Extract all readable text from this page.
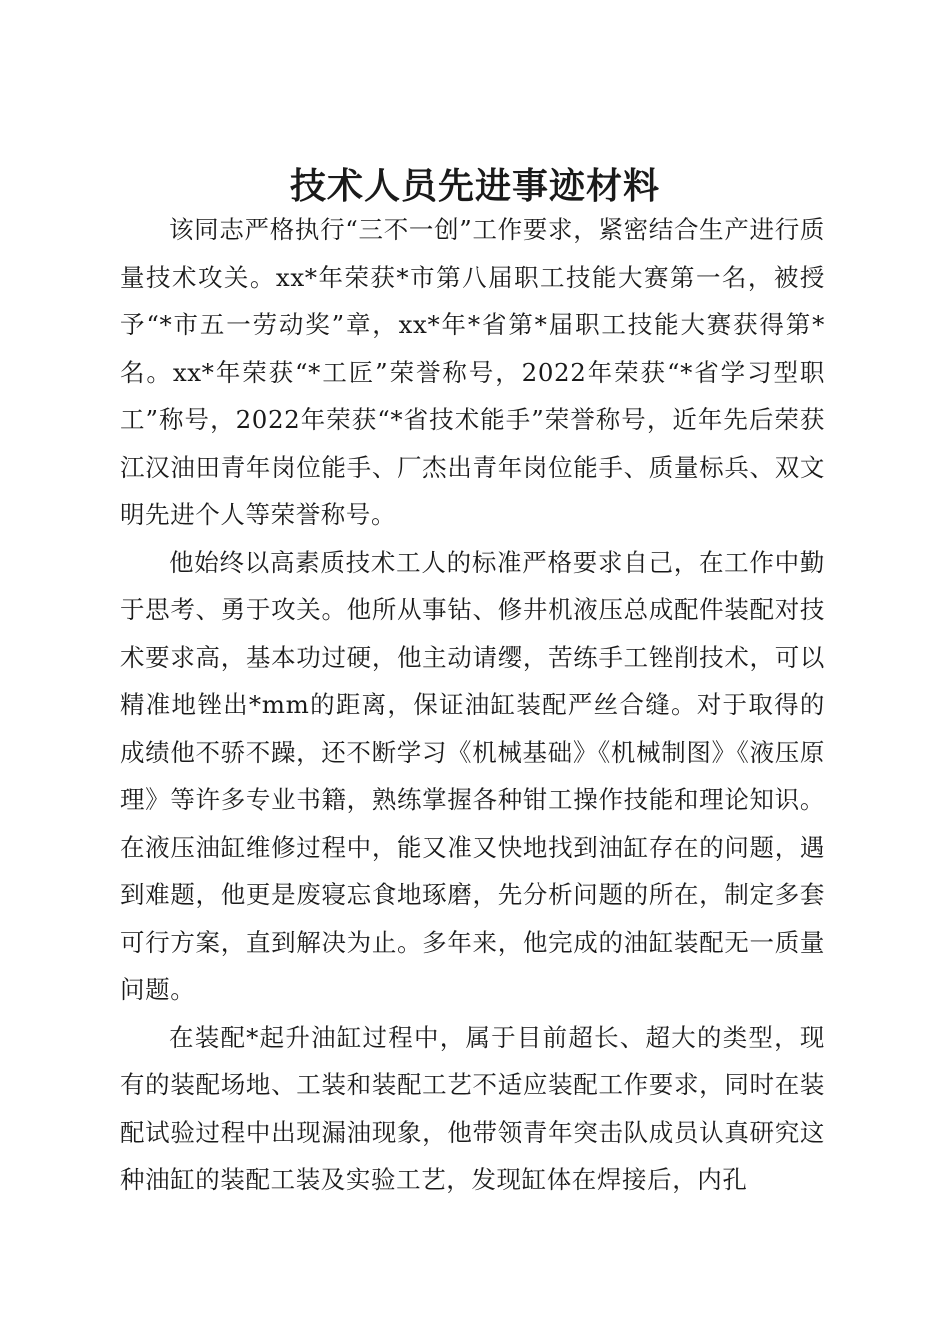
技术人员先进事迹材料

该同志严格执行“三不一创”工作要求，紧密结合生产进行质量技术攻关。xx*年荣获*市第八届职工技能大赛第一名，被授予“*市五一劳动奖”章，xx*年*省第*届职工技能大赛获得第*名。xx*年荣获“*工匠”荣誉称号，2022年荣获“*省学习型职工”称号，2022年荣获“*省技术能手”荣誉称号，近年先后荣获江汉油田青年岗位能手、厂杰出青年岗位能手、质量标兵、双文明先进个人等荣誉称号。

他始终以高素质技术工人的标准严格要求自己，在工作中勤于思考、勇于攻关。他所从事钻、修井机液压总成配件装配对技术要求高，基本功过硬，他主动请缨，苦练手工锉削技术，可以精准地锉出*mm的距离，保证油缸装配严丝合缝。对于取得的成绩他不骄不躁，还不断学习《机械基础》《机械制图》《液压原理》等许多专业书籍，熟练掌握各种钳工操作技能和理论知识。在液压油缸维修过程中，能又准又快地找到油缸存在的问题，遇到难题，他更是废寝忘食地琢磨，先分析问题的所在，制定多套可行方案，直到解决为止。多年来，他完成的油缸装配无一质量问题。

在装配*起升油缸过程中，属于目前超长、超大的类型，现有的装配场地、工装和装配工艺不适应装配工作要求，同时在装配试验过程中出现漏油现象，他带领青年突击队成员认真研究这种油缸的装配工装及实验工艺，发现缸体在焊接后，内孔
